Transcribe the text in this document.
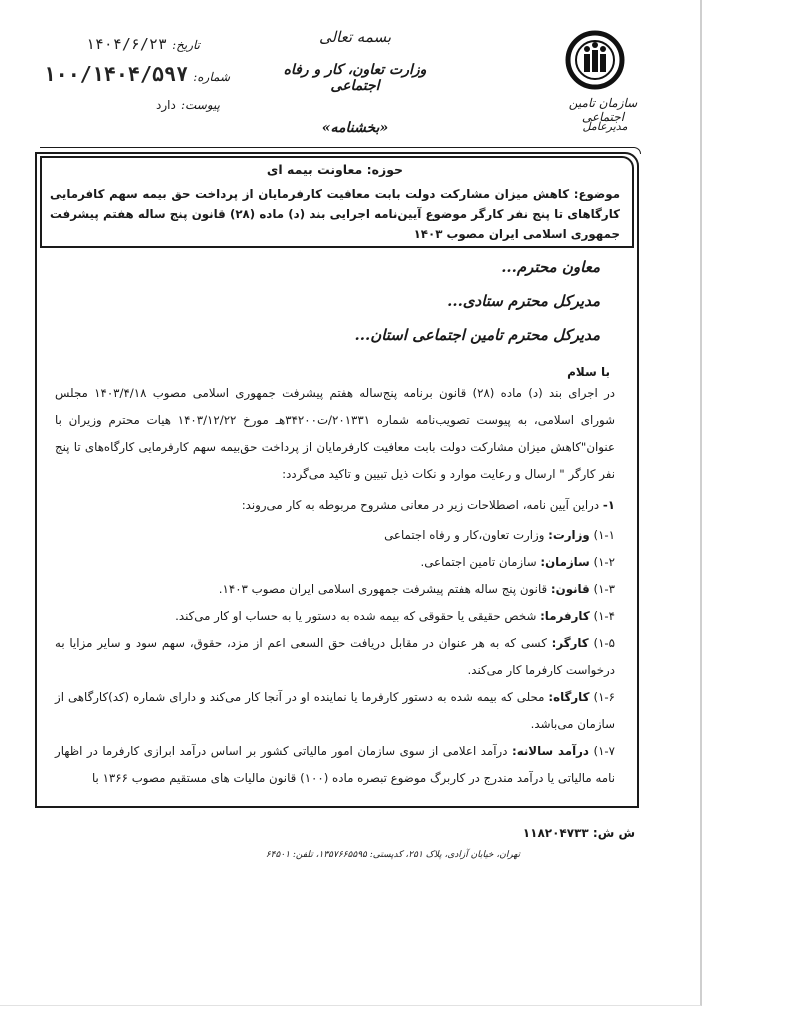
بسمه تعالی
وزارت تعاون، کار و رفاه اجتماعی
«بخشنامه»
تاریخ: ۱۴۰۴/۶/۲۳
شماره: ۱۰۰/۱۴۰۴/۵۹۷
پیوست: دارد	سازمان تامین اجتماعی
مدیرعامل
حوزه: معاونت بیمه ای
موضوع: کاهش میزان مشارکت دولت بابت معافیت کارفرمایان از پرداخت حق بیمه سهم کافرمایی کارگاهای تا پنج نفر کارگر موضوع آیین‌نامه اجرایی بند (د) ماده (۲۸) قانون پنج ساله هفتم پیشرفت جمهوری اسلامی ایران مصوب ۱۴۰۳
معاون محترم...
مدیرکل محترم ستادی...
مدیرکل محترم تامین اجتماعی استان...
با سلام
در اجرای بند (د) ماده (۲۸) قانون برنامه پنج‌ساله هفتم پیشرفت جمهوری اسلامی مصوب ۱۴۰۳/۴/۱۸ مجلس شورای اسلامی، به پیوست تصویب‌نامه شماره ۲۰۱۳۳۱/ت۳۴۲۰۰هـ مورخ ۱۴۰۳/۱۲/۲۲ هیات محترم وزیران با عنوان"کاهش میزان مشارکت دولت بابت معافیت کارفرمایان از پرداخت حق‌بیمه سهم کارفرمایی کارگاه‌های تا پنج نفر کارگر " ارسال و رعایت موارد و نکات ذیل تبیین و تاکید می‌گردد:
۱- دراین آیین نامه، اصطلاحات زیر در معانی مشروح مربوطه به کار می‌روند:
۱-۱) وزارت: وزارت تعاون،کار و رفاه اجتماعی
۱-۲) سازمان: سازمان تامین اجتماعی.
۱-۳) قانون: قانون پنج ساله هفتم پیشرفت جمهوری اسلامی ایران مصوب ۱۴۰۳.
۱-۴) کارفرما: شخص حقیقی یا حقوقی که بیمه شده به دستور یا به حساب او کار می‌کند.
۱-۵) کارگر: کسی که به هر عنوان در مقابل دریافت حق السعی اعم از مزد، حقوق، سهم سود و سایر مزایا به درخواست کارفرما کار می‌کند.
۱-۶) کارگاه: محلی که بیمه شده به دستور کارفرما یا نماینده او در آنجا کار می‌کند و دارای شماره (کد)کارگاهی از سازمان می‌باشد.
۱-۷) درآمد سالانه: درآمد اعلامی از سوی سازمان امور مالیاتی کشور بر اساس درآمد ابرازی کارفرما در اظهار نامه مالیاتی یا درآمد مندرج در کاربرگ موضوع تبصره ماده (۱۰۰) قانون مالیات های مستقیم مصوب ۱۳۶۶ با
ش ش: ۱۱۸۲۰۴۷۳۳
تهران، خیابان آزادی، پلاک ۲۵۱، کدپستی: ۱۳۵۷۶۶۵۵۹۵، تلفن: ۶۴۵۰۱
